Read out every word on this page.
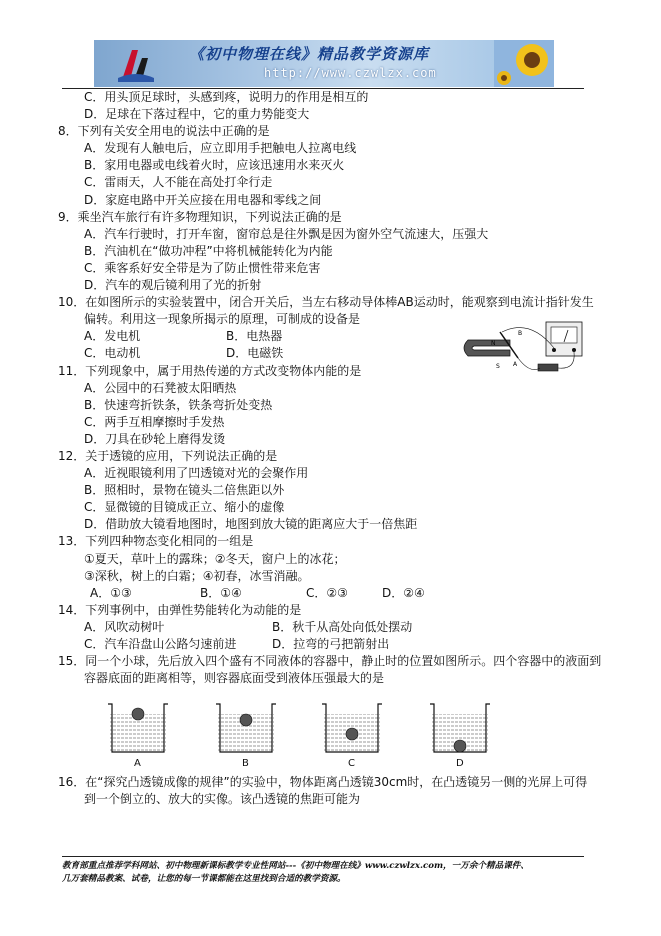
《初中物理在线》精品教学资源库
http://www.czwlzx.com
C．用头顶足球时，头感到疼，说明力的作用是相互的
D．足球在下落过程中，它的重力势能变大
8．下列有关安全用电的说法中正确的是
A．发现有人触电后，应立即用手把触电人拉离电线
B．家用电器或电线着火时，应该迅速用水来灭火
C．雷雨天，人不能在高处打伞行走
D．家庭电路中开关应接在用电器和零线之间
9．乘坐汽车旅行有许多物理知识，下列说法正确的是
A．汽车行驶时，打开车窗，窗帘总是往外飘是因为窗外空气流速大，压强大
B．汽油机在“做功冲程”中将机械能转化为内能
C．乘客系好安全带是为了防止惯性带来危害
D．汽车的观后镜利用了光的折射
10．在如图所示的实验装置中，闭合开关后，当左右移动导体棒AB运动时，能观察到电流计指针发生
偏转。利用这一现象所揭示的原理，可制成的设备是
A．发电机	B．电热器
C．电动机	D．电磁铁
11．下列现象中，属于用热传递的方式改变物体内能的是
A．公园中的石凳被太阳晒热
B．快速弯折铁条，铁条弯折处变热
C．两手互相摩擦时手发热
D．刀具在砂轮上磨得发烫
12．关于透镜的应用，下列说法正确的是
A．近视眼镜利用了凹透镜对光的会聚作用
B．照相时，景物在镜头二倍焦距以外
C．显微镜的目镜成正立、缩小的虚像
D．借助放大镜看地图时，地图到放大镜的距离应大于一倍焦距
13．下列四种物态变化相同的一组是
①夏天，草叶上的露珠；②冬天，窗户上的冰花；
③深秋，树上的白霜；④初春，冰雪消融。
A．①③	B．①④	C．②③	D．②④
14．下列事例中，由弹性势能转化为动能的是
A．风吹动树叶	B．秋千从高处向低处摆动
C．汽车沿盘山公路匀速前进	D．拉弯的弓把箭射出
15．同一个小球，先后放入四个盛有不同液体的容器中，静止时的位置如图所示。四个容器中的液面到
容器底面的距离相等，则容器底面受到液体压强最大的是
N
S A
B
A	B	C	D
16．在“探究凸透镜成像的规律”的实验中，物体距离凸透镜30cm时，在凸透镜另一侧的光屏上可得
到一个倒立的、放大的实像。该凸透镜的焦距可能为
教育部重点推荐学科网站、初中物理新课标教学专业性网站---《初中物理在线》www.czwlzx.com，一万余个精品课件、
几万套精品教案、试卷，让您的每一节课都能在这里找到合适的教学资源。
